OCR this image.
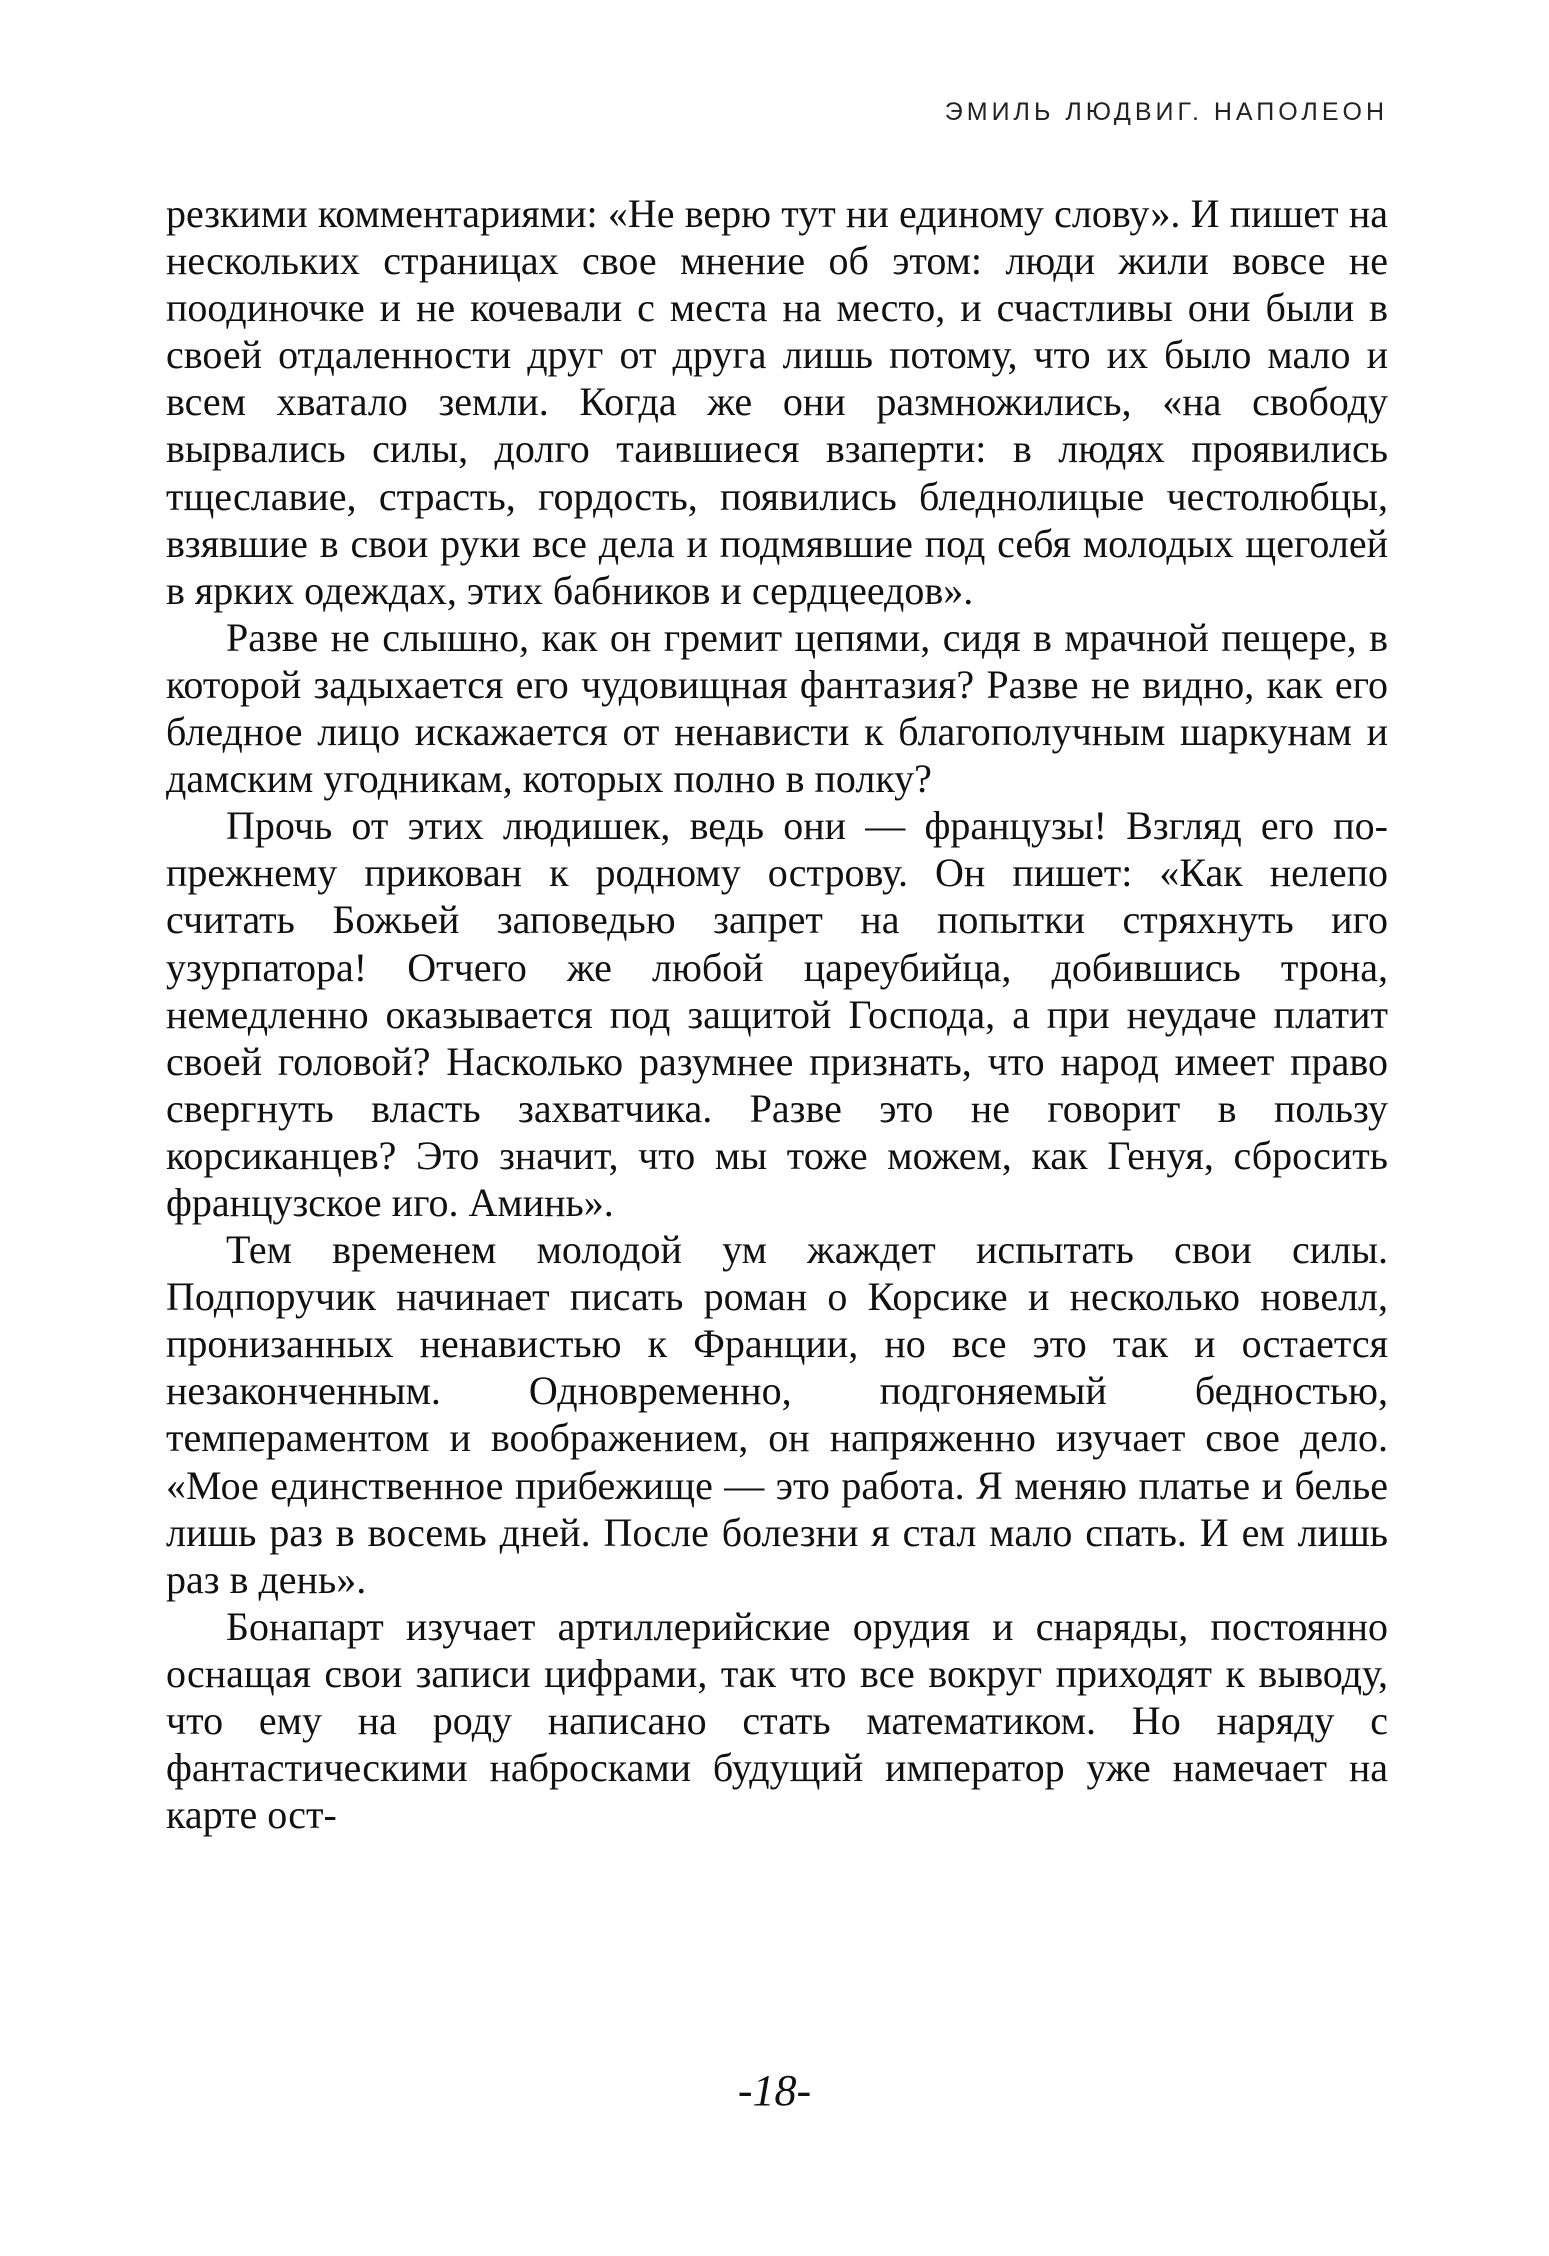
ЭМИЛЬ ЛЮДВИГ. НАПОЛЕОН

резкими комментариями: «Не верю тут ни единому слову». И пишет на нескольких страницах свое мнение об этом: люди жили вовсе не поодиночке и не кочевали с места на место, и счастливы они были в своей отдаленности друг от друга лишь потому, что их было мало и всем хватало земли. Когда же они размножились, «на свободу вырвались силы, долго таившиеся взаперти: в людях проявились тщеславие, страсть, гордость, появились бледнолицые честолюбцы, взявшие в свои руки все дела и подмявшие под себя молодых щеголей в ярких одеждах, этих бабников и сердцеедов».

Разве не слышно, как он гремит цепями, сидя в мрачной пещере, в которой задыхается его чудовищная фантазия? Разве не видно, как его бледное лицо искажается от ненависти к благополучным шаркунам и дамским угодникам, которых полно в полку?

Прочь от этих людишек, ведь они — французы! Взгляд его по-прежнему прикован к родному острову. Он пишет: «Как нелепо считать Божьей заповедью запрет на попытки стряхнуть иго узурпатора! Отчего же любой цареубийца, добившись трона, немедленно оказывается под защитой Господа, а при неудаче платит своей головой? Насколько разумнее признать, что народ имеет право свергнуть власть захватчика. Разве это не говорит в пользу корсиканцев? Это значит, что мы тоже можем, как Генуя, сбросить французское иго. Аминь».

Тем временем молодой ум жаждет испытать свои силы. Подпоручик начинает писать роман о Корсике и несколько новелл, пронизанных ненавистью к Франции, но все это так и остается незаконченным. Одновременно, подгоняемый бедностью, темпераментом и воображением, он напряженно изучает свое дело. «Мое единственное прибежище — это работа. Я меняю платье и белье лишь раз в восемь дней. После болезни я стал мало спать. И ем лишь раз в день».

Бонапарт изучает артиллерийские орудия и снаряды, постоянно оснащая свои записи цифрами, так что все вокруг приходят к выводу, что ему на роду написано стать математиком. Но наряду с фантастическими набросками будущий император уже намечает на карте ост-

-18-
